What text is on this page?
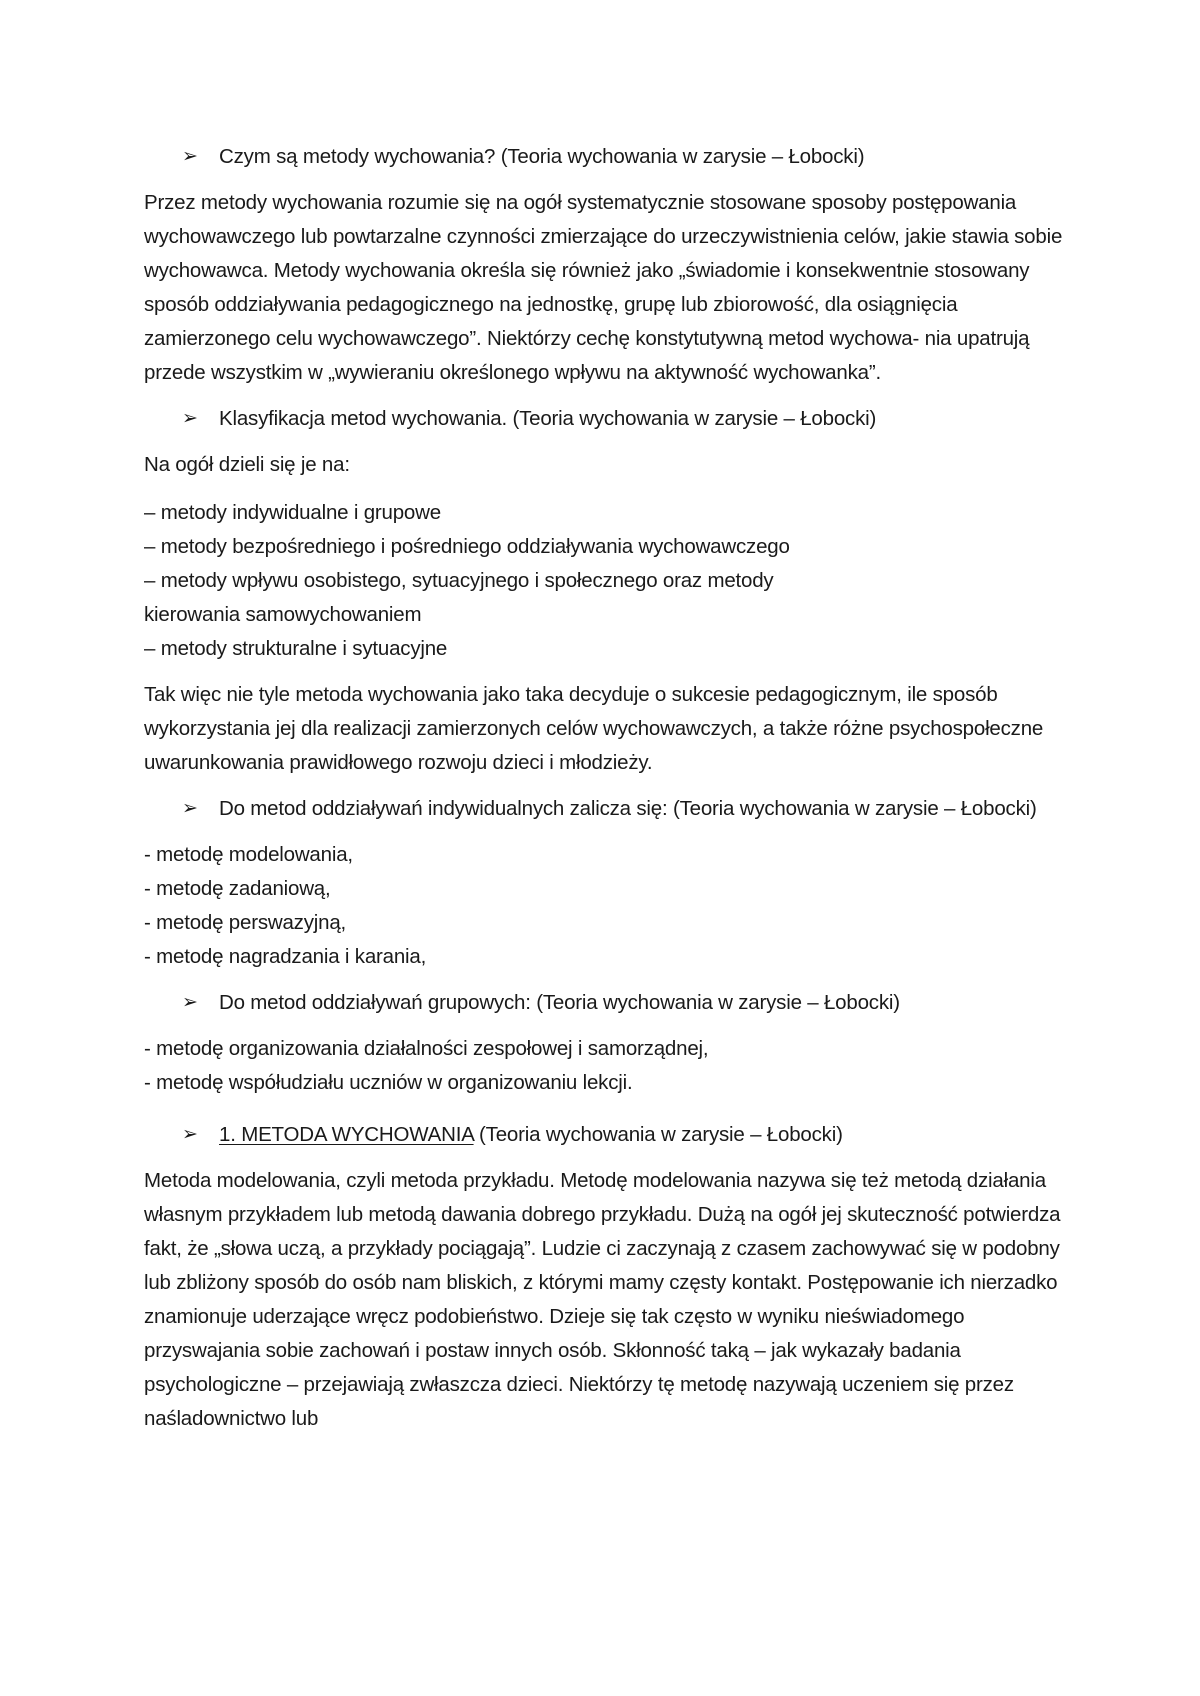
➢ Czym są metody wychowania? (Teoria wychowania w zarysie – Łobocki)

Przez metody wychowania rozumie się na ogół systematycznie stosowane sposoby postępowania wychowawczego lub powtarzalne czynności zmierzające do urzeczywistnienia celów, jakie stawia sobie wychowawca. Metody wychowania określa się również jako „świadomie i konsekwentnie stosowany sposób oddziaływania pedagogicznego na jednostkę, grupę lub zbiorowość, dla osiągnięcia zamierzonego celu wychowawczego”. Niektórzy cechę konstytutywną metod wychowa- nia upatrują przede wszystkim w „wywieraniu określonego wpływu na aktywność wychowanka”.

➢ Klasyfikacja metod wychowania. (Teoria wychowania w zarysie – Łobocki)

Na ogół dzieli się je na:

– metody indywidualne i grupowe
– metody bezpośredniego i pośredniego oddziaływania wychowawczego
– metody wpływu osobistego, sytuacyjnego i społecznego oraz metody
kierowania samowychowaniem
– metody strukturalne i sytuacyjne

Tak więc nie tyle metoda wychowania jako taka decyduje o sukcesie pedagogicznym, ile sposób wykorzystania jej dla realizacji zamierzonych celów wychowawczych, a także różne psychospołeczne uwarunkowania prawidłowego rozwoju dzieci i młodzieży.

➢ Do metod oddziaływań indywidualnych zalicza się: (Teoria wychowania w zarysie – Łobocki)
- metodę modelowania,
- metodę zadaniową,
- metodę perswazyjną,
- metodę nagradzania i karania,
➢ Do metod oddziaływań grupowych: (Teoria wychowania w zarysie – Łobocki)
- metodę organizowania działalności zespołowej i samorządnej,
- metodę współudziału uczniów w organizowaniu lekcji.
➢ 1. METODA WYCHOWANIA (Teoria wychowania w zarysie – Łobocki)

Metoda modelowania, czyli metoda przykładu. Metodę modelowania nazywa się też metodą działania własnym przykładem lub metodą dawania dobrego przykładu. Dużą na ogół jej skuteczność potwierdza fakt, że „słowa uczą, a przykłady pociągają”. Ludzie ci zaczynają z czasem zachowywać się w podobny lub zbliżony sposób do osób nam bliskich, z którymi mamy częsty kontakt. Postępowanie ich nierzadko znamionuje uderzające wręcz podobieństwo. Dzieje się tak często w wyniku nieświadomego przyswajania sobie zachowań i postaw innych osób. Skłonność taką – jak wykazały badania psychologiczne – przejawiają zwłaszcza dzieci. Niektórzy tę metodę nazywają uczeniem się przez naśladownictwo lub
